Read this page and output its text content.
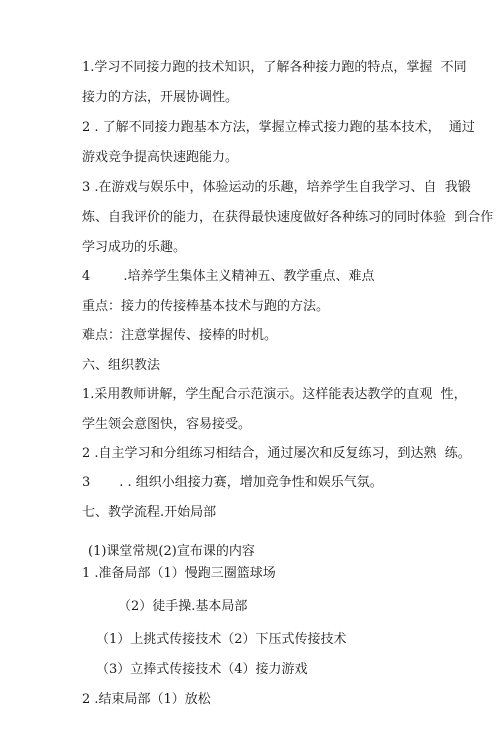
1.学习不同接力跑的技术知识，了解各种接力跑的特点，掌握  不同
接力的方法，开展协调性。
2 . 了解不同接力跑基本方法，掌握立棒式接力跑的基本技术，  通过
游戏竞争提高快速跑能力。
3 .在游戏与娱乐中，体验运动的乐趣，培养学生自我学习、自  我锻
炼、自我评价的能力，在获得最快速度做好各种练习的同时体验  到合作
学习成功的乐趣。
4        .培养学生集体主义精神五、教学重点、难点
重点：接力的传接棒基本技术与跑的方法。
难点：注意掌握传、接棒的时机。
六、组织教法
1.采用教师讲解，学生配合示范演示。这样能表达教学的直观  性，
学生领会意图快，容易接受。
2 .自主学习和分组练习相结合，通过屡次和反复练习，到达熟  练。
3       . . 组织小组接力赛，增加竞争性和娱乐气氛。
七、教学流程.开始局部
(1)课堂常规(2)宣布课的内容
1 .准备局部（1）慢跑三圈篮球场
（2）徒手操.基本局部
（1）上挑式传接技术（2）下压式传接技术
（3）立捧式传接技术（4）接力游戏
2 .结束局部（1）放松
